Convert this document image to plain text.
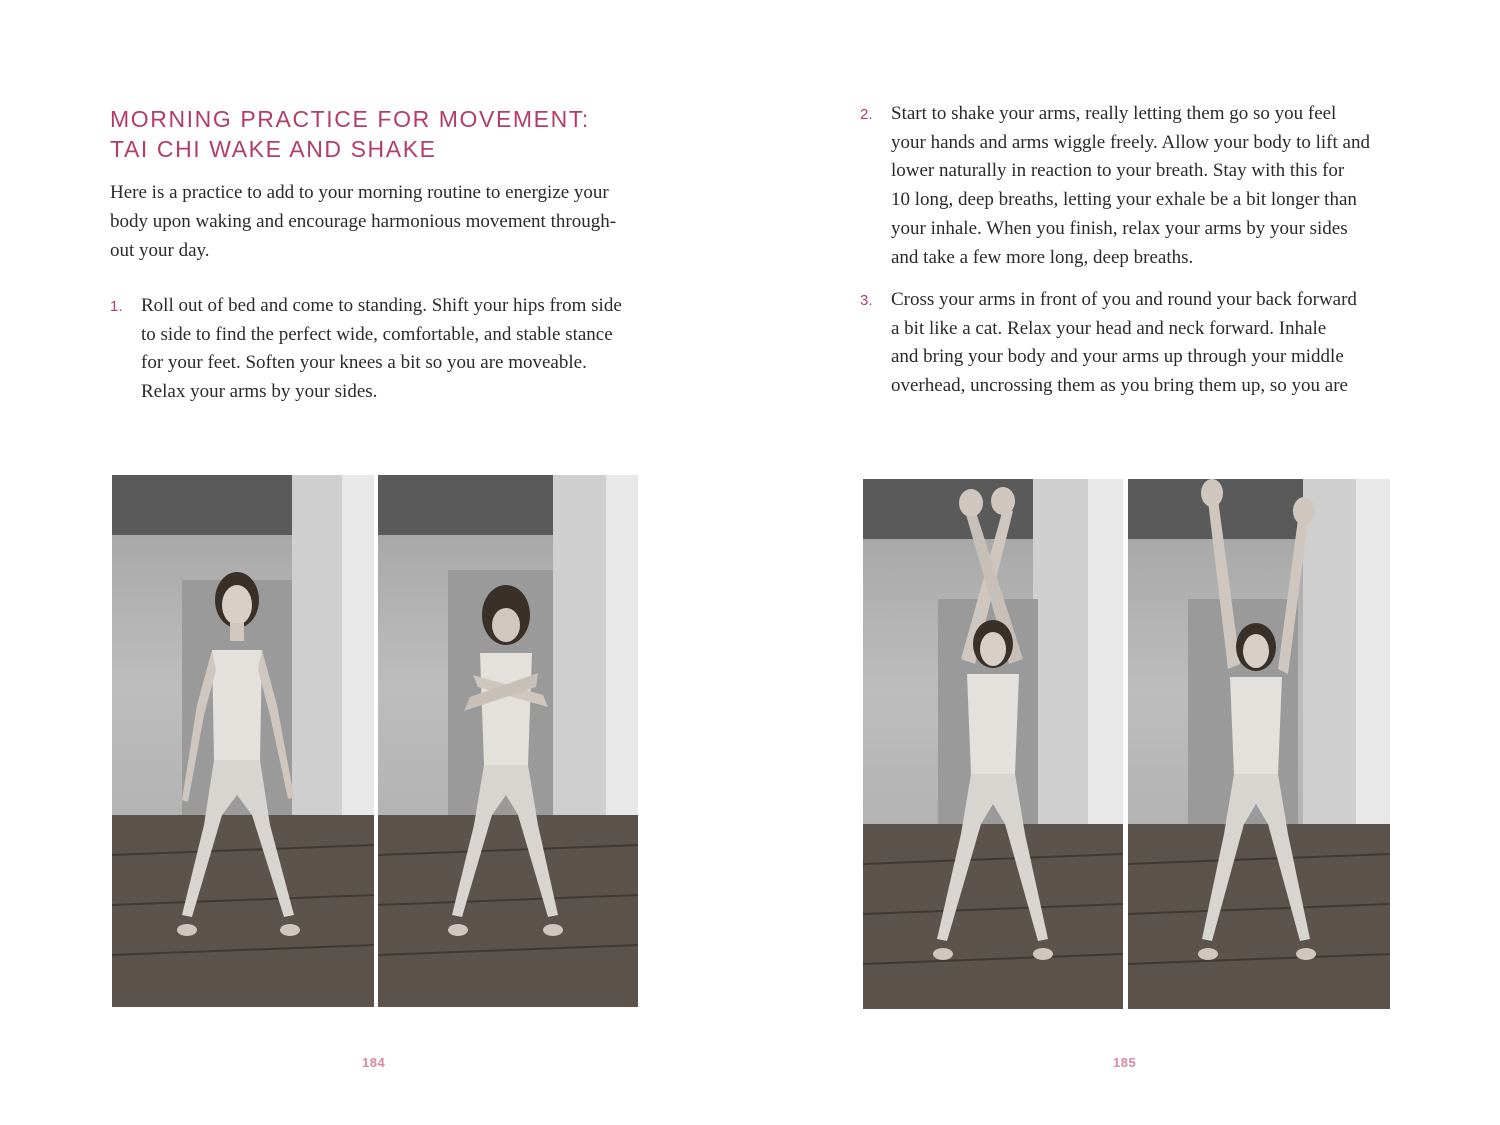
MORNING PRACTICE FOR MOVEMENT:
TAI CHI WAKE AND SHAKE

Here is a practice to add to your morning routine to energize your
body upon waking and encourage harmonious movement through-
out your day.

1. Roll out of bed and come to standing. Shift your hips from side
to side to find the perfect wide, comfortable, and stable stance
for your feet. Soften your knees a bit so you are moveable.
Relax your arms by your sides.

184

2. Start to shake your arms, really letting them go so you feel
your hands and arms wiggle freely. Allow your body to lift and
lower naturally in reaction to your breath. Stay with this for
10 long, deep breaths, letting your exhale be a bit longer than
your inhale. When you finish, relax your arms by your sides
and take a few more long, deep breaths.
3. Cross your arms in front of you and round your back forward
a bit like a cat. Relax your head and neck forward. Inhale
and bring your body and your arms up through your middle
overhead, uncrossing them as you bring them up, so you are

185
